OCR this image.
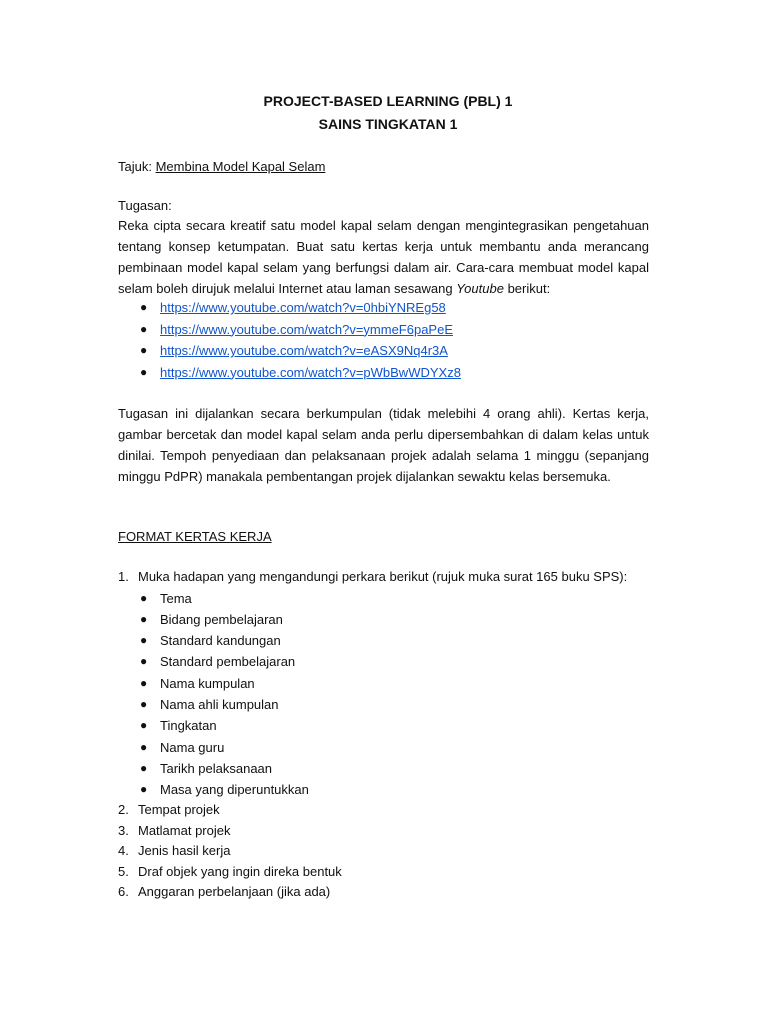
PROJECT-BASED LEARNING (PBL) 1
SAINS TINGKATAN 1
Tajuk: Membina Model Kapal Selam
Tugasan:
Reka cipta secara kreatif satu model kapal selam dengan mengintegrasikan pengetahuan tentang konsep ketumpatan. Buat satu kertas kerja untuk membantu anda merancang pembinaan model kapal selam yang berfungsi dalam air. Cara-cara membuat model kapal selam boleh dirujuk melalui Internet atau laman sesawang Youtube berikut:
● https://www.youtube.com/watch?v=0hbiYNREg58
● https://www.youtube.com/watch?v=ymmeF6paPeE
● https://www.youtube.com/watch?v=eASX9Nq4r3A
● https://www.youtube.com/watch?v=pWbBwWDYXz8
Tugasan ini dijalankan secara berkumpulan (tidak melebihi 4 orang ahli). Kertas kerja, gambar bercetak dan model kapal selam anda perlu dipersembahkan di dalam kelas untuk dinilai. Tempoh penyediaan dan pelaksanaan projek adalah selama 1 minggu (sepanjang minggu PdPR) manakala pembentangan projek dijalankan sewaktu kelas bersemuka.
FORMAT KERTAS KERJA
1. Muka hadapan yang mengandungi perkara berikut (rujuk muka surat 165 buku SPS):
● Tema
● Bidang pembelajaran
● Standard kandungan
● Standard pembelajaran
● Nama kumpulan
● Nama ahli kumpulan
● Tingkatan
● Nama guru
● Tarikh pelaksanaan
● Masa yang diperuntukkan
2. Tempat projek
3. Matlamat projek
4. Jenis hasil kerja
5. Draf objek yang ingin direka bentuk
6. Anggaran perbelanjaan (jika ada)
